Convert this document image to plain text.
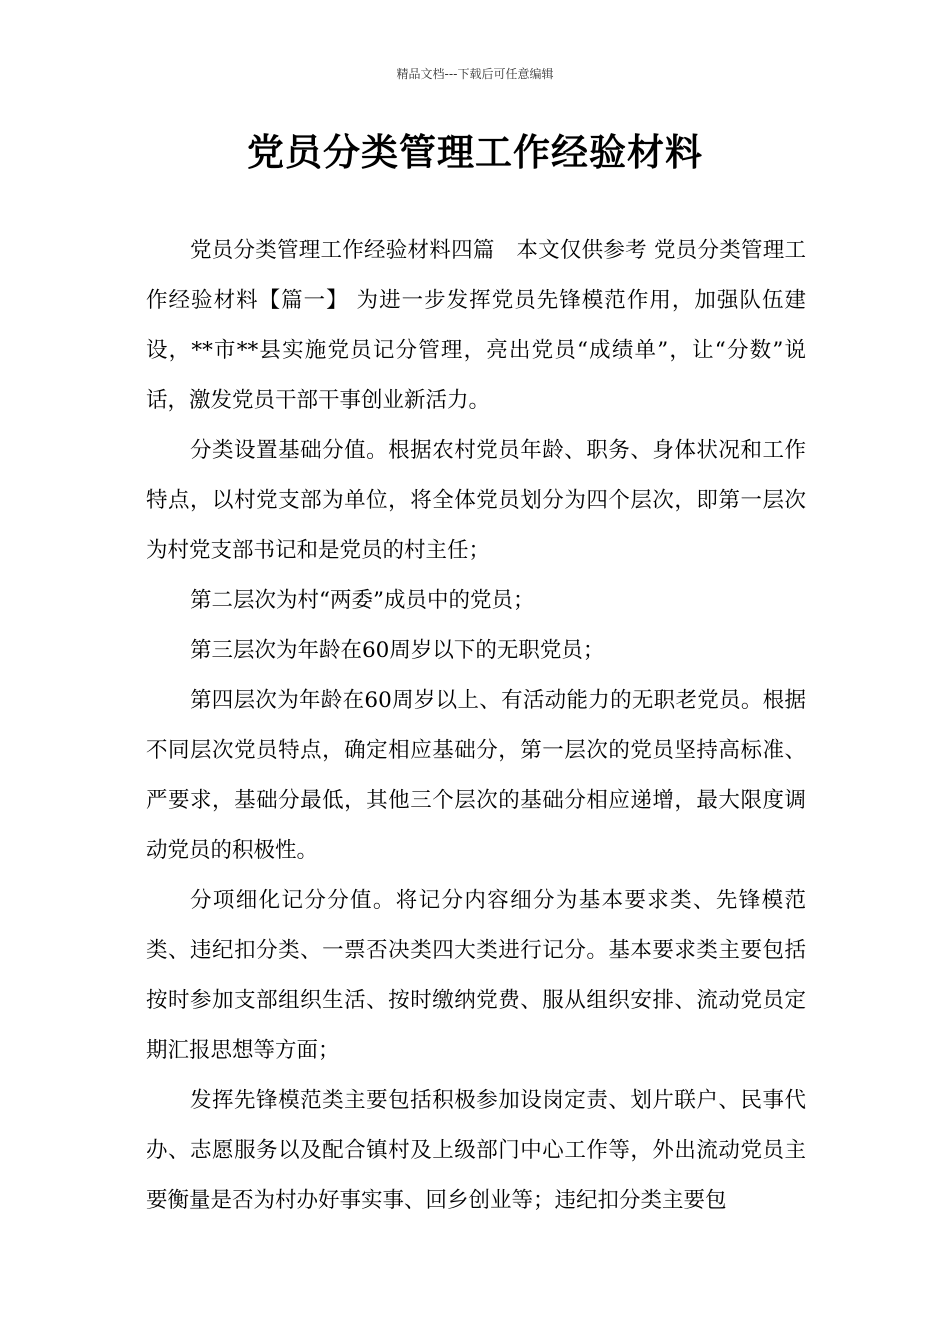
精品文档---下载后可任意编辑
党员分类管理工作经验材料

党员分类管理工作经验材料四篇　本文仅供参考 党员分类管理工作经验材料【篇一】 为进一步发挥党员先锋模范作用，加强队伍建设，**市**县实施党员记分管理，亮出党员“成绩单”，让“分数”说话，激发党员干部干事创业新活力。

分类设置基础分值。根据农村党员年龄、职务、身体状况和工作特点，以村党支部为单位，将全体党员划分为四个层次，即第一层次为村党支部书记和是党员的村主任；

第二层次为村“两委”成员中的党员；

第三层次为年龄在60周岁以下的无职党员；

第四层次为年龄在60周岁以上、有活动能力的无职老党员。根据不同层次党员特点，确定相应基础分，第一层次的党员坚持高标准、严要求，基础分最低，其他三个层次的基础分相应递增，最大限度调动党员的积极性。

分项细化记分分值。将记分内容细分为基本要求类、先锋模范类、违纪扣分类、一票否决类四大类进行记分。基本要求类主要包括按时参加支部组织生活、按时缴纳党费、服从组织安排、流动党员定期汇报思想等方面；

发挥先锋模范类主要包括积极参加设岗定责、划片联户、民事代办、志愿服务以及配合镇村及上级部门中心工作等，外出流动党员主要衡量是否为村办好事实事、回乡创业等；违纪扣分类主要包
